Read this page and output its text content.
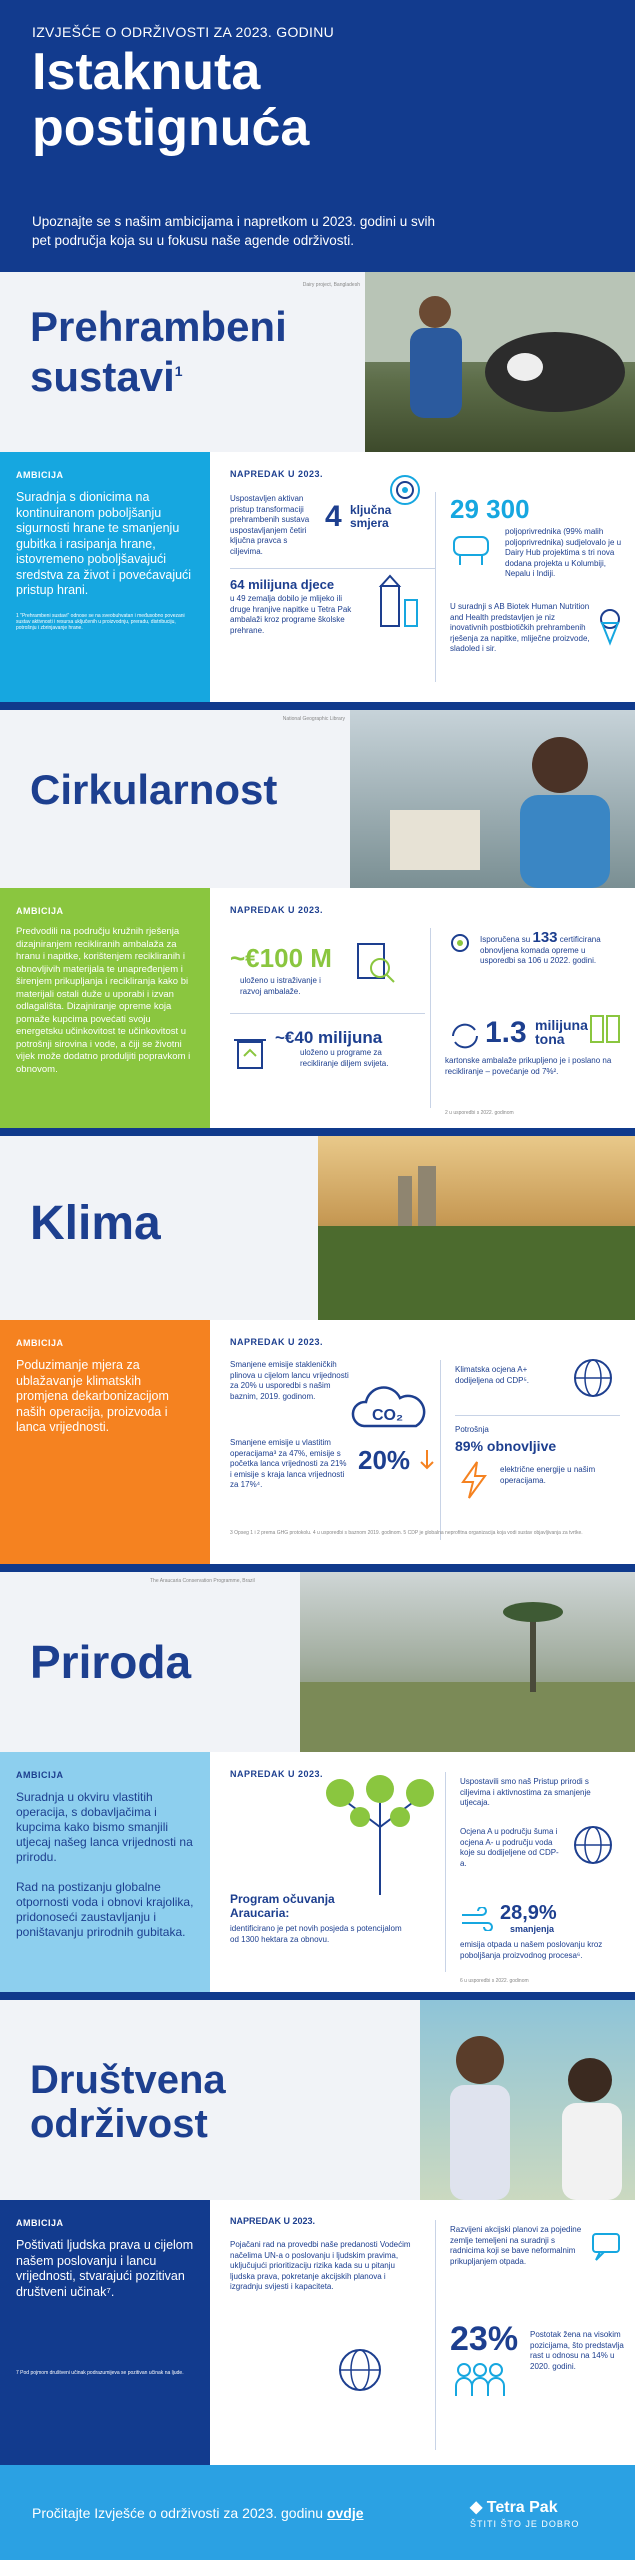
IZVJEŠĆE O ODRŽIVOSTI ZA 2023. GODINU
Istaknuta
postignuća
Upoznajte se s našim ambicijama i napretkom u 2023. godini u svih pet područja koja su u fokusu naše agende održivosti.
Prehrambeni
sustavi$^1$
Dairy project, Bangladesh
AMBICIJA
Suradnja s dionicima na kontinuiranom poboljšanju sigurnosti hrane te smanjenju gubitka i rasipanja hrane, istovremeno poboljšavajući sredstva za život i povećavajući pristup hrani.
1 "Prehrambeni sustavi" odnose se na sveobuhvatan i međusobno povezani sustav aktivnosti i resursa uključenih u proizvodnju, preradu, distribuciju, potrošnju i zbrinjavanje hrane.
NAPREDAK U 2023.
Uspostavljen aktivan pristup transformaciji prehrambenih sustava uspostavljanjem četiri ključna pravca s ciljevima.
4 ključna
smjera
64 milijuna djece
u 49 zemalja dobilo je mlijeko ili druge hranjive napitke u Tetra Pak ambalaži kroz programe školske prehrane.
29 300
poljoprivrednika (99% malih poljoprivrednika) sudjelovalo je u Dairy Hub projektima s tri nova dodana projekta u Kolumbiji, Nepalu i Indiji.
U suradnji s AB Biotek Human Nutrition and Health predstavljen je niz inovativnih postbiotičkih prehrambenih rješenja za napitke, mliječne proizvode, sladoled i sir.
Cirkularnost
National Geographic Library
AMBICIJA
Predvodili na području kružnih rješenja dizajniranjem recikliranih ambalaža za hranu i napitke, korištenjem recikliranih i obnovljivih materijala te unapređenjem i širenjem prikupljanja i recikliranja kako bi materijali ostali duže u uporabi i izvan odlagališta. Dizajniranje opreme koja pomaže kupcima povećati svoju energetsku učinkovitost te učinkovitost u potrošnji sirovina i vode, a čiji se životni vijek može dodatno produljiti popravkom i obnovom.
NAPREDAK U 2023.
~€100 M
uloženo u istraživanje i razvoj ambalaže.
~€40 milijuna
uloženo u programe za recikliranje diljem svijeta.
Isporučena su 133 certificirana obnovljena komada opreme u usporedbi sa 106 u 2022. godini.
1.3 milijuna tona
kartonske ambalaže prikupljeno je i poslano na recikliranje – povećanje od 7%².
2 u usporedbi s 2022. godinom
Klima
AMBICIJA
Poduzimanje mjera za ublažavanje klimatskih promjena dekarbonizacijom naših operacija, proizvoda i lanca vrijednosti.
NAPREDAK U 2023.
Smanjene emisije stakleničkih plinova u cijelom lancu vrijednosti za 20% u usporedbi s našim baznim, 2019. godinom.
Smanjene emisije u vlastitim operacijama³ za 47%, emisije s početka lanca vrijednosti za 21% i emisije s kraja lanca vrijednosti za 17%⁴.
CO₂
20%
Klimatska ocjena A+ dodijeljena od CDP⁵.
Potrošnja
89% obnovljive
električne energije u našim operacijama.
3 Opseg 1 i 2 prema GHG protokolu. 4 u usporedbi s baznom 2019. godinom. 5 CDP je globalna neprofitna organizacija koja vodi sustav objavljivanja za tvrtke.
Priroda
The Araucaria Conservation Programme, Brazil
AMBICIJA
Suradnja u okviru vlastitih operacija, s dobavljačima i kupcima kako bismo smanjili utjecaj našeg lanca vrijednosti na prirodu.

Rad na postizanju globalne otpornosti voda i obnovi krajolika, pridonoseći zaustavljanju i poništavanju prirodnih gubitaka.
NAPREDAK U 2023.
Program očuvanja Araucaria:
identificirano je pet novih posjeda s potencijalom od 1300 hektara za obnovu.
Uspostavili smo naš Pristup prirodi s ciljevima i aktivnostima za smanjenje utjecaja.
Ocjena A u području šuma i ocjena A- u području voda koje su dodijeljene od CDP-a.
28,9%
smanjenja
emisija otpada u našem poslovanju kroz poboljšanja proizvodnog procesa⁶.
6 u usporedbi s 2022. godinom
Društvena
održivost
AMBICIJA
Poštivati ljudska prava u cijelom našem poslovanju i lancu vrijednosti, stvarajući pozitivan društveni učinak⁷.
7 Pod pojmom društveni učinak podrazumijeva se pozitivan učinak na ljude.
NAPREDAK U 2023.
Pojačani rad na provedbi naše predanosti Vodećim načelima UN-a o poslovanju i ljudskim pravima, uključujući prioritizaciju rizika kada su u pitanju ljudska prava, pokretanje akcijskih planova i izgradnju svijesti i kapaciteta.
Razvijeni akcijski planovi za pojedine zemlje temeljeni na suradnji s radnicima koji se bave neformalnim prikupljanjem otpada.
23% Postotak žena na visokim pozicijama, što predstavlja rast u odnosu na 14% u 2020. godini.
Pročitajte Izvješće o održivosti za 2023. godinu ovdje	◆ Tetra Pak
ŠTITI ŠTO JE DOBRO
